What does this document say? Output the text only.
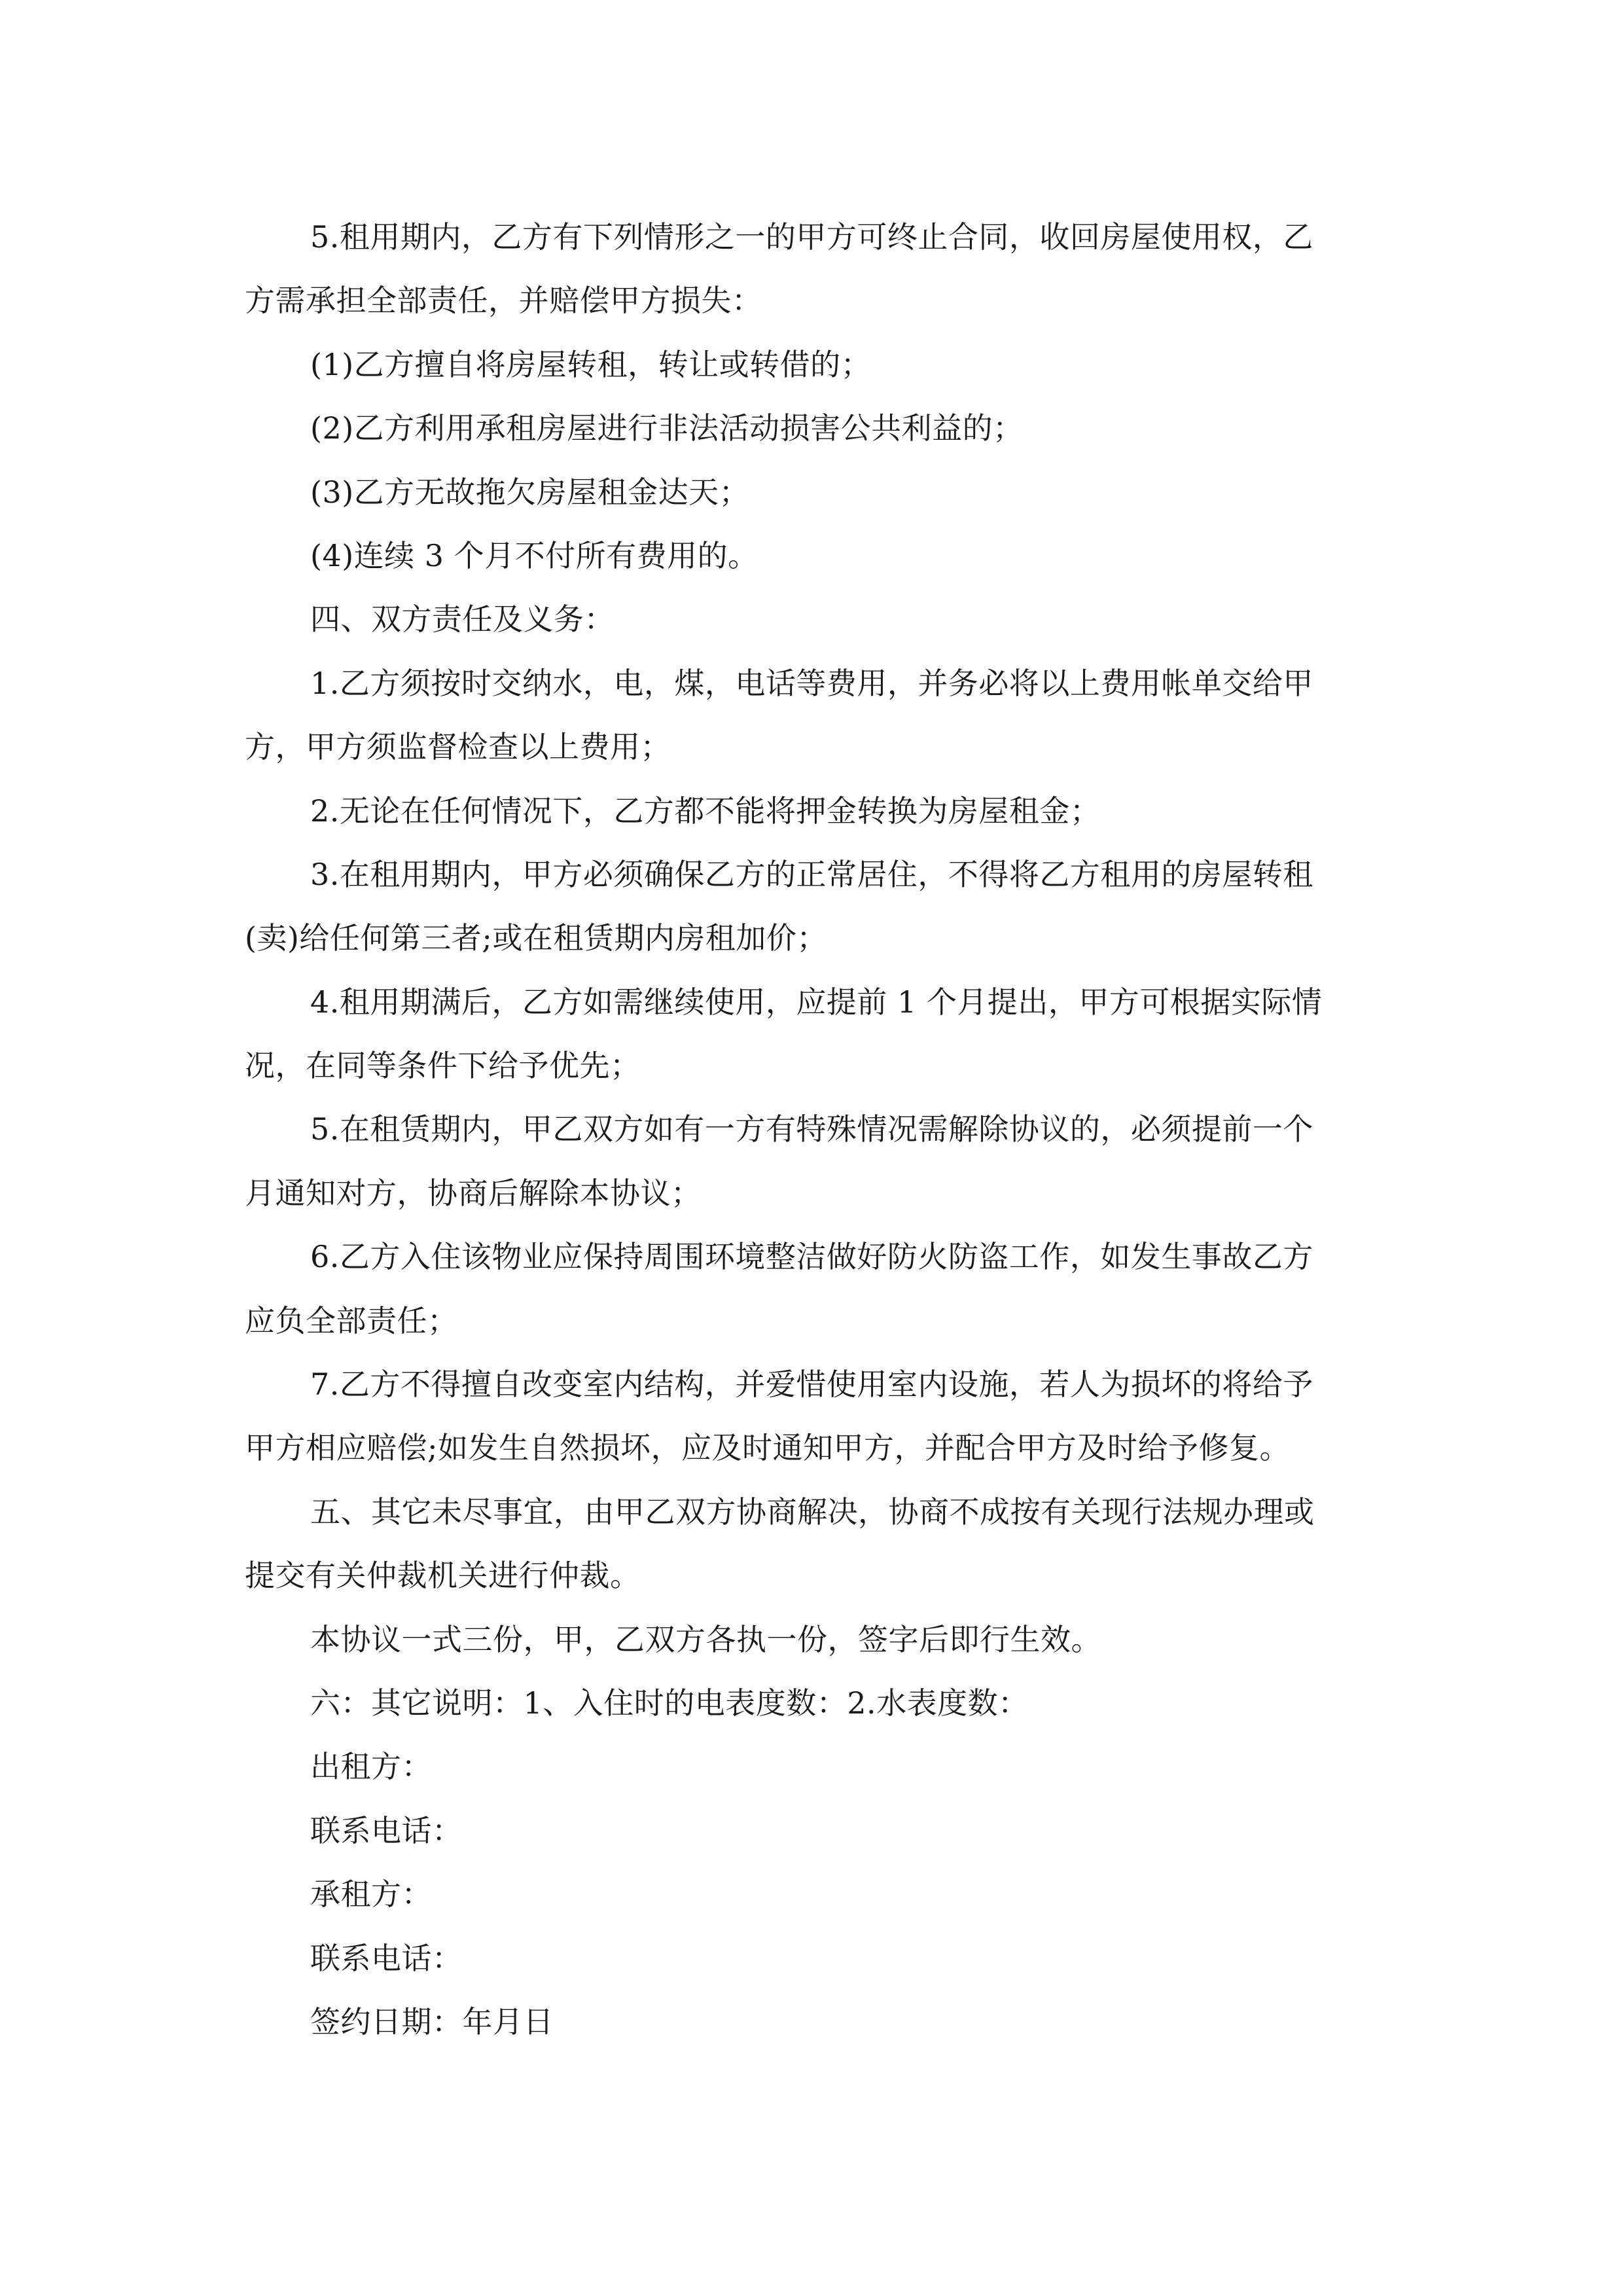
5.租用期内，乙方有下列情形之一的甲方可终止合同，收回房屋使用权，乙

方需承担全部责任，并赔偿甲方损失：

(1)乙方擅自将房屋转租，转让或转借的；

(2)乙方利用承租房屋进行非法活动损害公共利益的；

(3)乙方无故拖欠房屋租金达天；

(4)连续 3 个月不付所有费用的。

四、双方责任及义务：

1.乙方须按时交纳水，电，煤，电话等费用，并务必将以上费用帐单交给甲

方，甲方须监督检查以上费用；

2.无论在任何情况下，乙方都不能将押金转换为房屋租金；

3.在租用期内，甲方必须确保乙方的正常居住，不得将乙方租用的房屋转租

(卖)给任何第三者;或在租赁期内房租加价；

4.租用期满后，乙方如需继续使用，应提前 1 个月提出，甲方可根据实际情

况，在同等条件下给予优先；

5.在租赁期内，甲乙双方如有一方有特殊情况需解除协议的，必须提前一个

月通知对方，协商后解除本协议；

6.乙方入住该物业应保持周围环境整洁做好防火防盗工作，如发生事故乙方

应负全部责任；

7.乙方不得擅自改变室内结构，并爱惜使用室内设施，若人为损坏的将给予

甲方相应赔偿;如发生自然损坏，应及时通知甲方，并配合甲方及时给予修复。

五、其它未尽事宜，由甲乙双方协商解决，协商不成按有关现行法规办理或

提交有关仲裁机关进行仲裁。

本协议一式三份，甲，乙双方各执一份，签字后即行生效。

六：其它说明：1、入住时的电表度数：2.水表度数：

出租方：

联系电话：

承租方：

联系电话：

签约日期：年月日
